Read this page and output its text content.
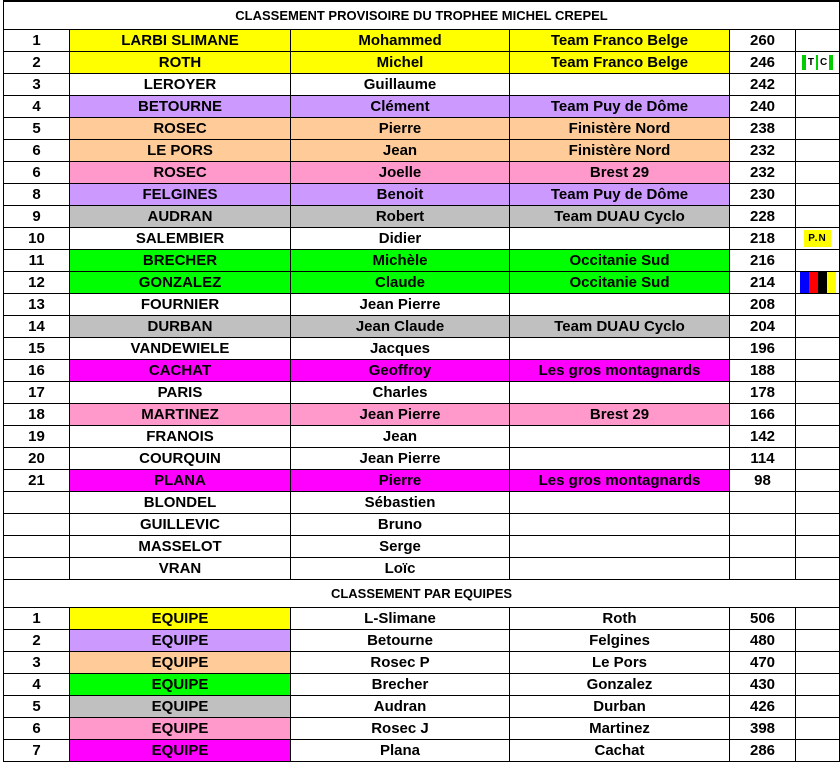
CLASSEMENT PROVISOIRE DU TROPHEE MICHEL CREPEL					
1	LARBI SLIMANE	Mohammed	Team Franco Belge	260	
2	ROTH	Michel	Team Franco Belge	246	T C
3	LEROYER	Guillaume		242	
4	BETOURNE	Clément	Team Puy de Dôme	240	
5	ROSEC	Pierre	Finistère Nord	238	
6	LE PORS	Jean	Finistère Nord	232	
6	ROSEC	Joelle	Brest 29	232	
8	FELGINES	Benoit	Team Puy de Dôme	230	
9	AUDRAN	Robert	Team DUAU Cyclo	228	
10	SALEMBIER	Didier		218	P.N
11	BRECHER	Michèle	Occitanie Sud	216	
12	GONZALEZ	Claude	Occitanie Sud	214	

13	FOURNIER	Jean Pierre		208	
14	DURBAN	Jean Claude	Team DUAU Cyclo	204	
15	VANDEWIELE	Jacques		196	
16	CACHAT	Geoffroy	Les gros montagnards	188	
17	PARIS	Charles		178	
18	MARTINEZ	Jean Pierre	Brest 29	166	
19	FRANOIS	Jean		142	
20	COURQUIN	Jean Pierre		114	
21	PLANA	Pierre	Les gros montagnards	98	
	BLONDEL	Sébastien			
	GUILLEVIC	Bruno			
	MASSELOT	Serge			
	VRAN	Loïc			
CLASSEMENT PAR EQUIPES					
1	EQUIPE	L-Slimane	Roth	506	
2	EQUIPE	Betourne	Felgines	480	
3	EQUIPE	Rosec P	Le Pors	470	
4	EQUIPE	Brecher	Gonzalez	430	
5	EQUIPE	Audran	Durban	426	
6	EQUIPE	Rosec J	Martinez	398	
7	EQUIPE	Plana	Cachat	286	
